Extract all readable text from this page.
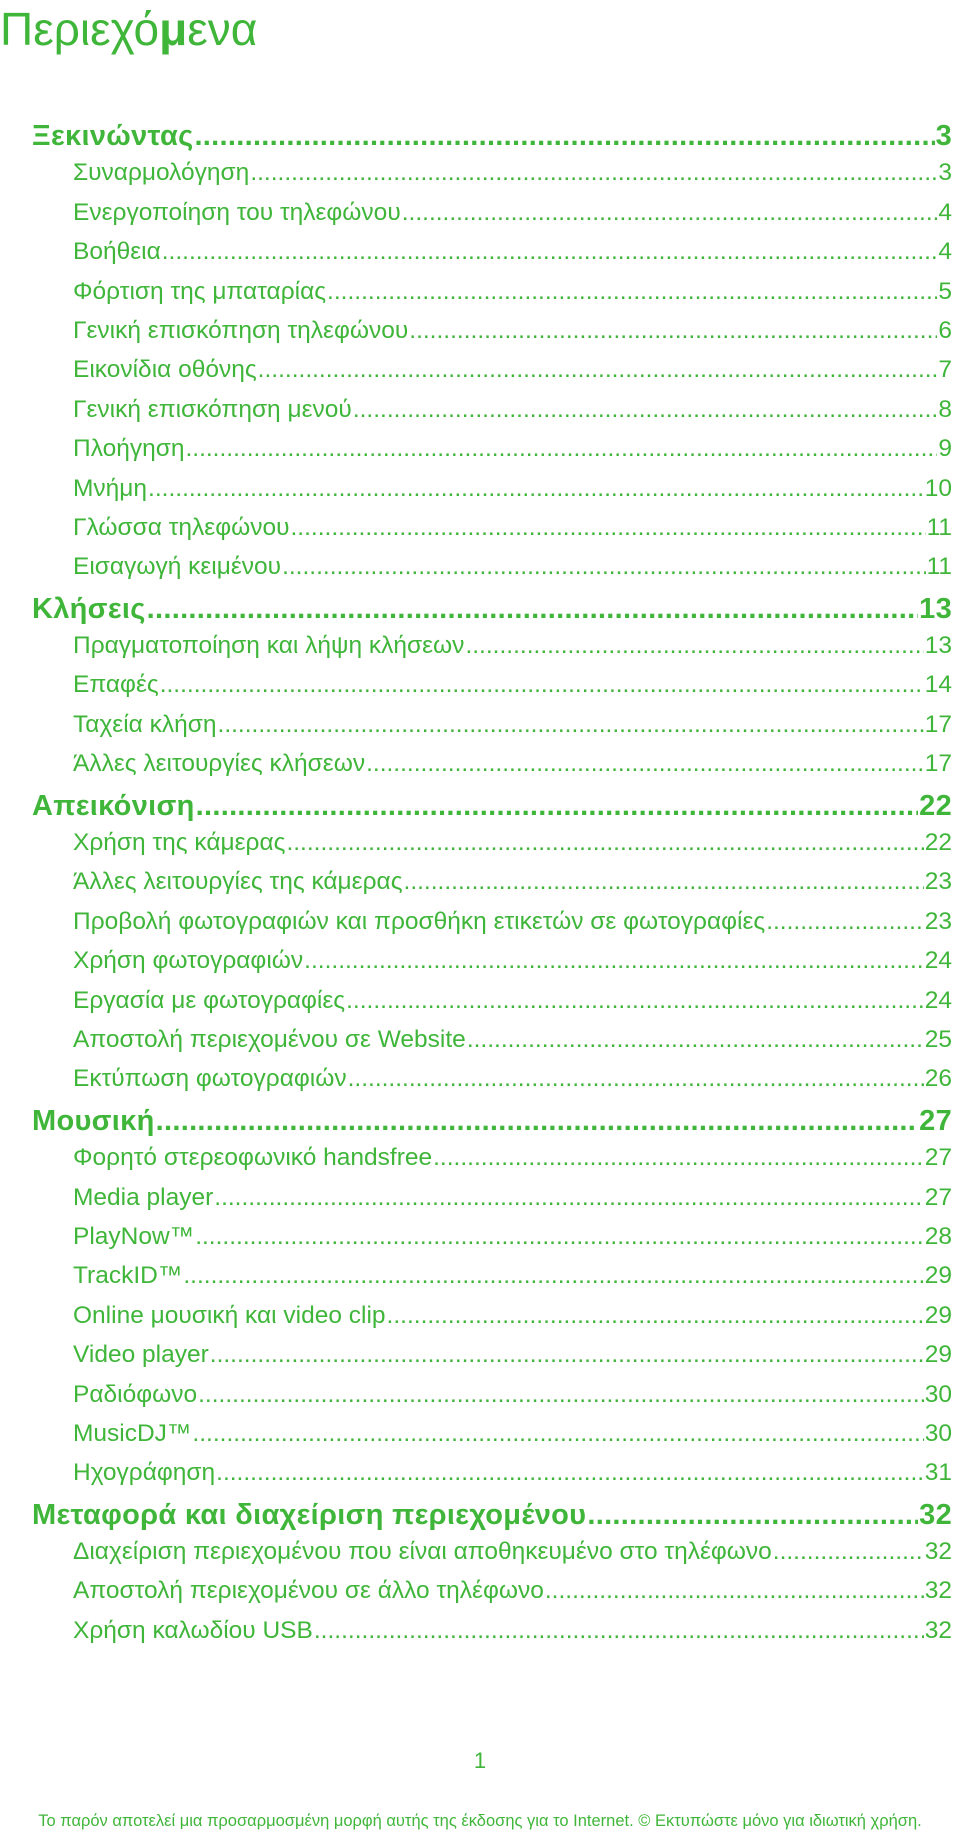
Περιεχόμενα
Ξεκινώντας .....	3
Συναρμολόγηση .....	3
Ενεργοποίηση του τηλεφώνου .....	4
Βοήθεια .....	4
Φόρτιση της μπαταρίας .....	5
Γενική επισκόπηση τηλεφώνου .....	6
Εικονίδια οθόνης .....	7
Γενική επισκόπηση μενού .....	8
Πλοήγηση .....	9
Μνήμη .....	10
Γλώσσα τηλεφώνου .....	11
Εισαγωγή κειμένου .....	11
Κλήσεις .....	13
Πραγματοποίηση και λήψη κλήσεων .....	13
Επαφές .....	14
Ταχεία κλήση .....	17
Άλλες λειτουργίες κλήσεων .....	17
Απεικόνιση .....	22
Χρήση της κάμερας .....	22
Άλλες λειτουργίες της κάμερας .....	23
Προβολή φωτογραφιών και προσθήκη ετικετών σε φωτογραφίες .....	23
Χρήση φωτογραφιών .....	24
Εργασία με φωτογραφίες .....	24
Αποστολή περιεχομένου σε Website .....	25
Εκτύπωση φωτογραφιών .....	26
Μουσική .....	27
Φορητό στερεοφωνικό handsfree .....	27
Media player .....	27
PlayNow™ .....	28
TrackID™ .....	29
Online μουσική και video clip .....	29
Video player .....	29
Ραδιόφωνο .....	30
MusicDJ™ .....	30
Ηχογράφηση .....	31
Μεταφορά και διαχείριση περιεχομένου .....	32
Διαχείριση περιεχομένου που είναι αποθηκευμένο στο τηλέφωνο .....	32
Αποστολή περιεχομένου σε άλλο τηλέφωνο .....	32
Χρήση καλωδίου USB .....	32
1
Το παρόν αποτελεί μια προσαρμοσμένη μορφή αυτής της έκδοσης για το Internet. © Εκτυπώστε μόνο για ιδιωτική χρήση.
